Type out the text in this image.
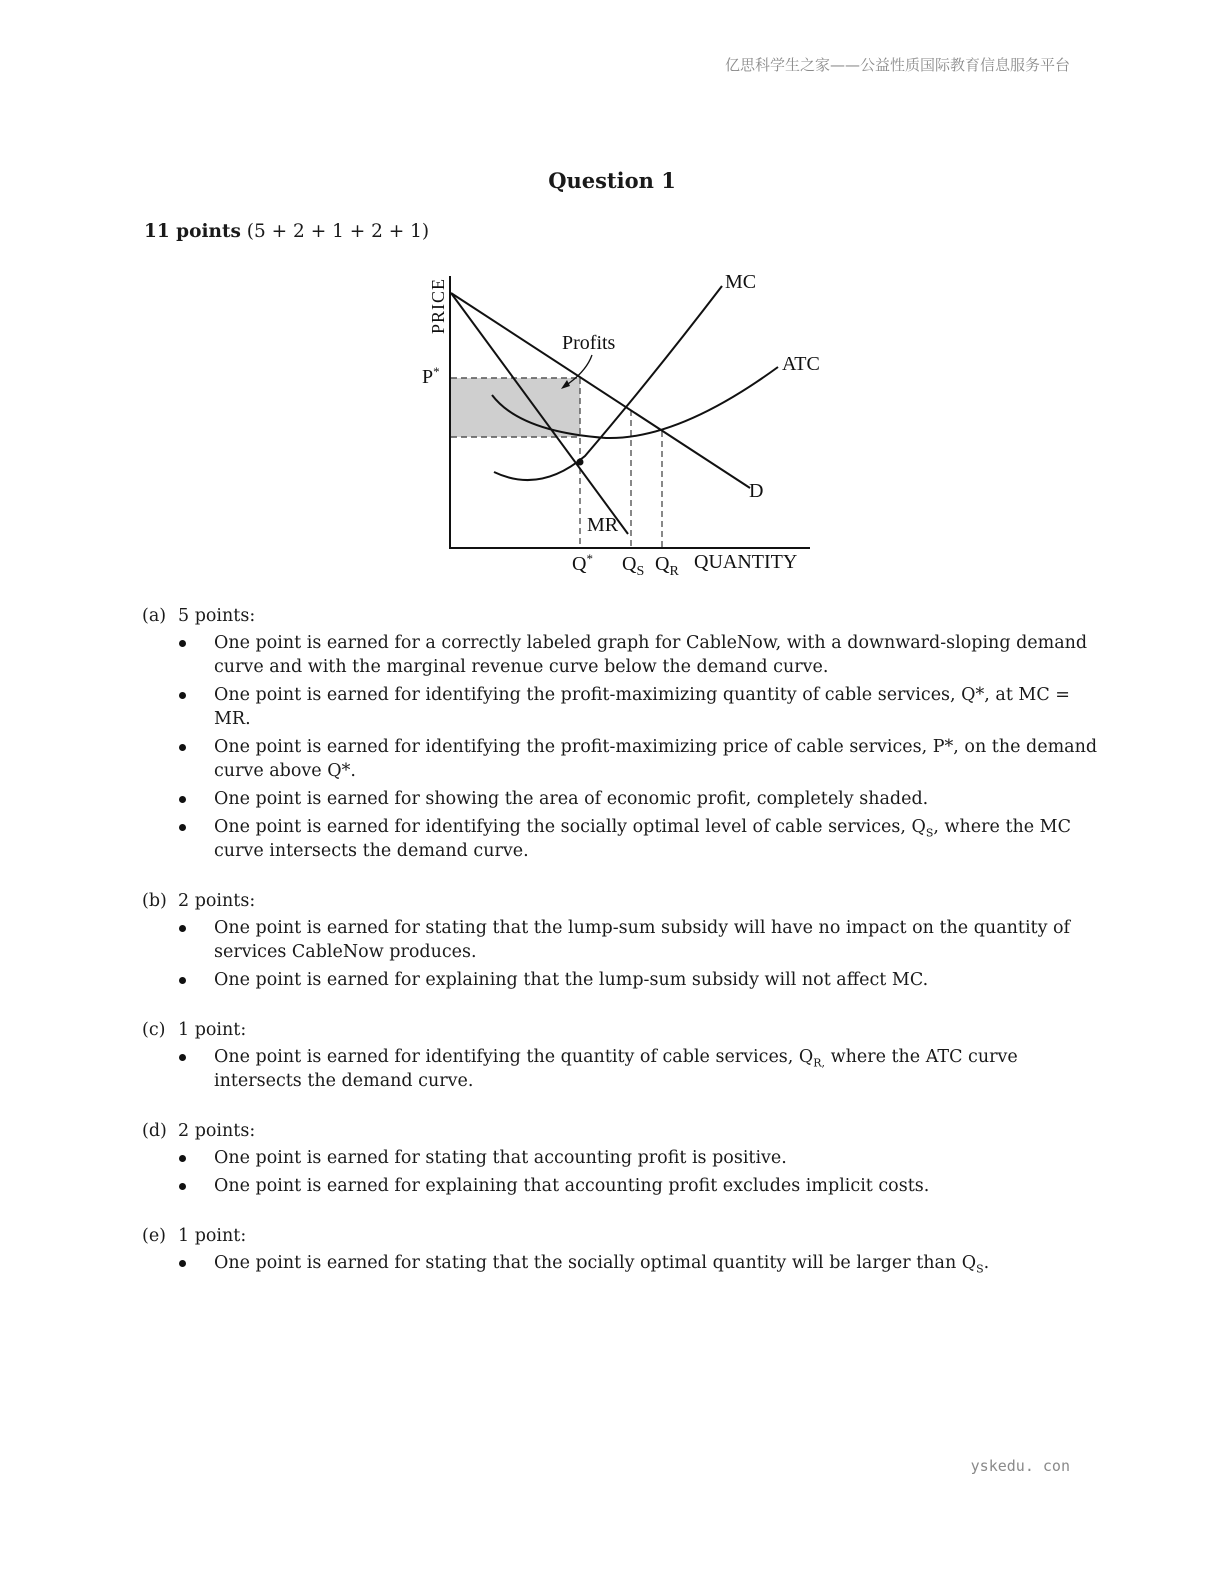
亿思科学生之家——公益性质国际教育信息服务平台
Question 1
11 points (5 + 2 + 1 + 2 + 1)
PRICE
P*
MC
ATC
D
MR
Profits
Q* $Q_S$ $Q_R$ QUANTITY
(a) 5 points:
One point is earned for a correctly labeled graph for CableNow, with a downward-sloping demand curve and with the marginal revenue curve below the demand curve.
One point is earned for identifying the profit-maximizing quantity of cable services, Q*, at MC = MR.
One point is earned for identifying the profit-maximizing price of cable services, P*, on the demand curve above Q*.
One point is earned for showing the area of economic profit, completely shaded.
One point is earned for identifying the socially optimal level of cable services, $Q_S$, where the MC curve intersects the demand curve.
(b) 2 points:
One point is earned for stating that the lump-sum subsidy will have no impact on the quantity of services CableNow produces.
One point is earned for explaining that the lump-sum subsidy will not affect MC.
(c) 1 point:
One point is earned for identifying the quantity of cable services, $Q_{R,}$ where the ATC curve intersects the demand curve.
(d) 2 points:
One point is earned for stating that accounting profit is positive.
One point is earned for explaining that accounting profit excludes implicit costs.
(e) 1 point:
One point is earned for stating that the socially optimal quantity will be larger than $Q_S$.
yskedu. con
